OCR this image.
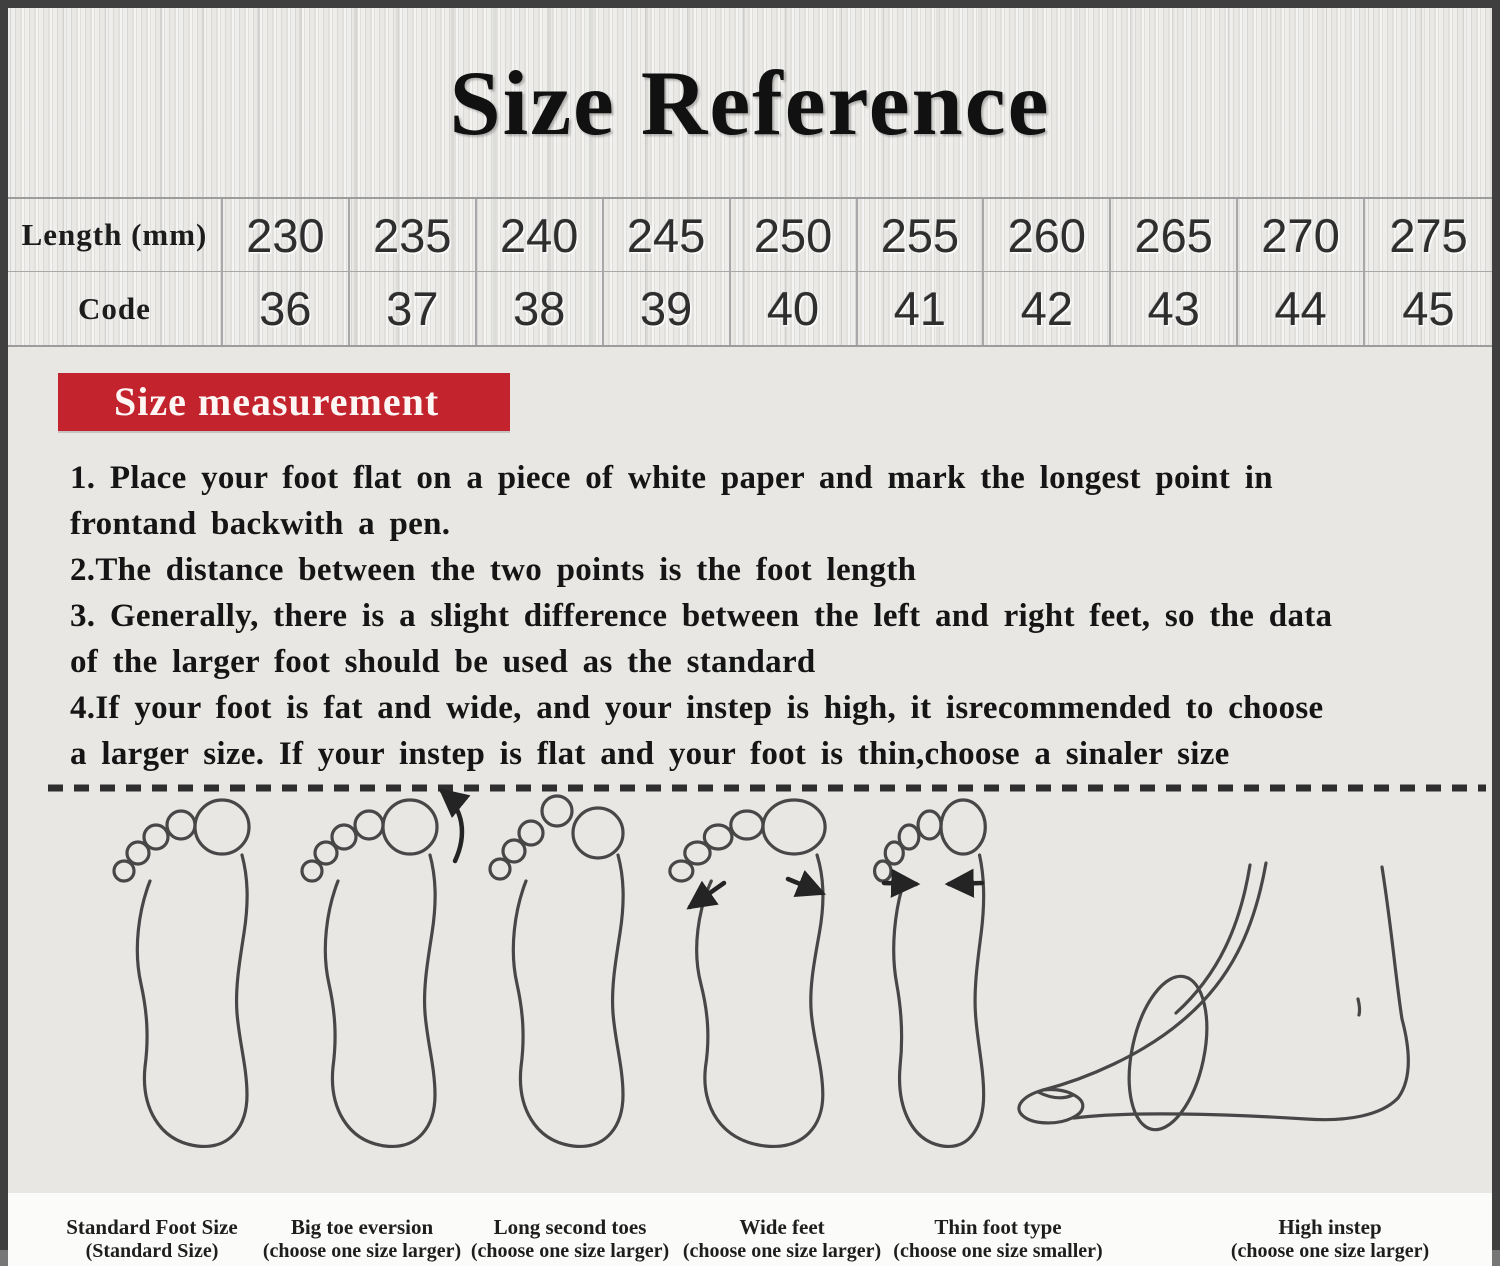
Size Reference
Length (mm) 230	235	240	245	250	255	260	265	270	275
Code	36	37	38	39	40	41	42	43	44	45
Size measurement
1. Place your foot flat on a piece of white paper and mark the longest point in
frontand backwith a pen.
2.The distance between the two points is the foot length
3. Generally, there is a slight difference between the left and right feet, so the data
of the larger foot should be used as the standard
4.If your foot is fat and wide, and your instep is high, it isrecommended to choose
a larger size. If your instep is flat and your foot is thin,choose a sinaler size
Standard Foot Size
(Standard Size)
Big toe eversion
(choose one size larger)
Long second toes
(choose one size larger)
Wide feet
(choose one size larger)
Thin foot type
(choose one size smaller)
High instep
(choose one size larger)
